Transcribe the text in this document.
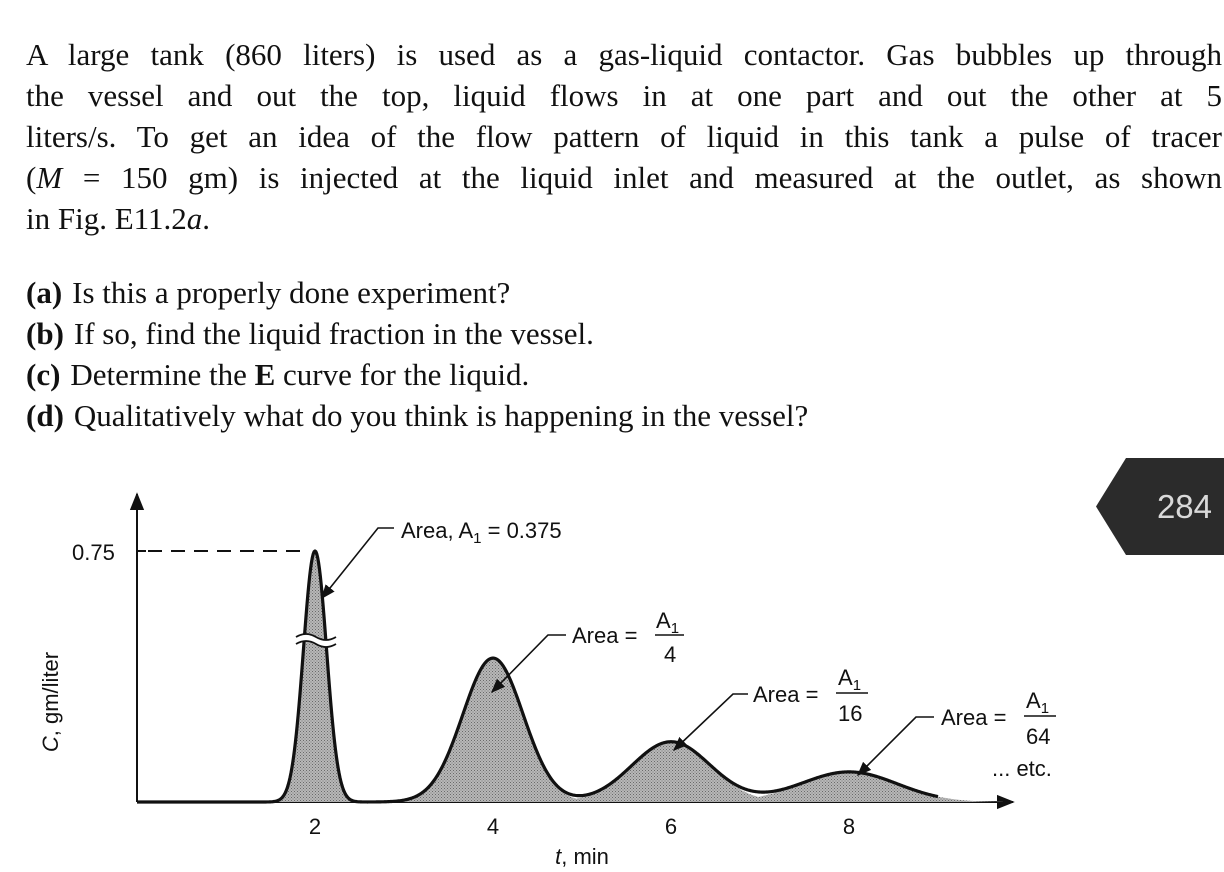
A large tank (860 liters) is used as a gas-liquid contactor. Gas bubbles up through
the vessel and out the top, liquid flows in at one part and out the other at 5
liters/s. To get an idea of the flow pattern of liquid in this tank a pulse of tracer
(M = 150 gm) is injected at the liquid inlet and measured at the outlet, as shown
in Fig. E11.2a.
(a) Is this a properly done experiment?
(b) If so, find the liquid fraction in the vessel.
(c) Determine the E curve for the liquid.
(d) Qualitatively what do you think is happening in the vessel?
284
0.75
C, gm/liter
2	4	6	8
t, min
Area, $A_1 = 0.375$
Area =
$A_1$
4
Area =
$A_1$
16	Area =
$A_1$
64
... etc.
